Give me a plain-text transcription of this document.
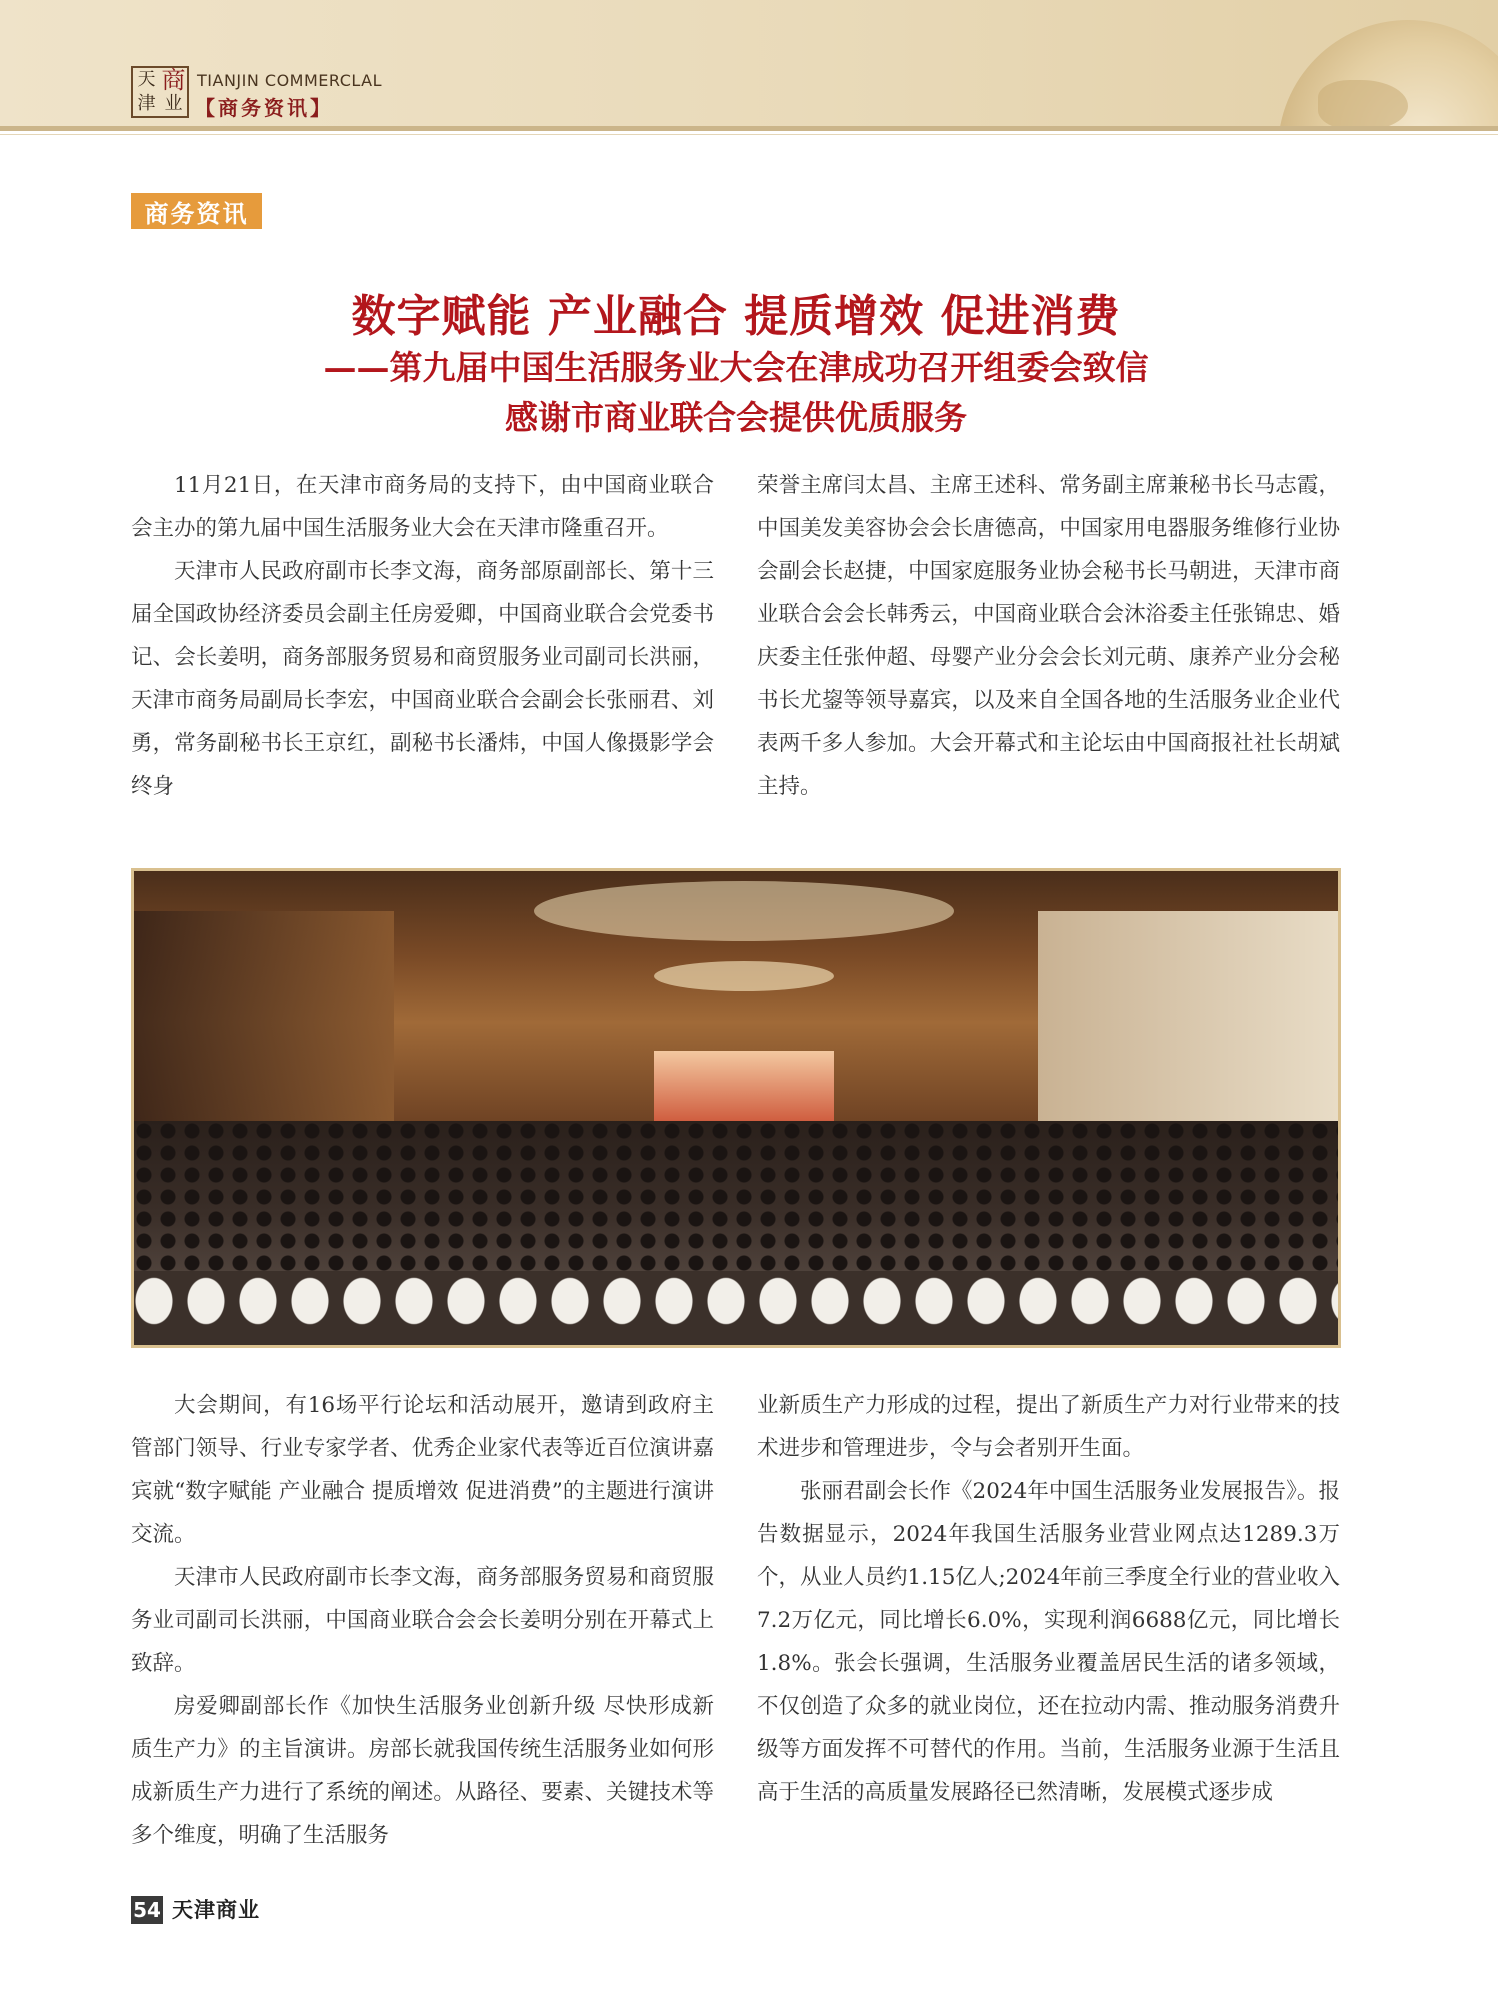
天 商
津 业
TIANJIN COMMERCLAL
【商务资讯】
商务资讯
数字赋能 产业融合 提质增效 促进消费
——第九届中国生活服务业大会在津成功召开组委会致信
感谢市商业联合会提供优质服务

11月21日，在天津市商务局的支持下，由中国商业联合会主办的第九届中国生活服务业大会在天津市隆重召开。

天津市人民政府副市长李文海，商务部原副部长、第十三届全国政协经济委员会副主任房爱卿，中国商业联合会党委书记、会长姜明，商务部服务贸易和商贸服务业司副司长洪丽，天津市商务局副局长李宏，中国商业联合会副会长张丽君、刘勇，常务副秘书长王京红，副秘书长潘炜，中国人像摄影学会终身

荣誉主席闫太昌、主席王述科、常务副主席兼秘书长马志霞，中国美发美容协会会长唐德高，中国家用电器服务维修行业协会副会长赵捷，中国家庭服务业协会秘书长马朝进，天津市商业联合会会长韩秀云，中国商业联合会沐浴委主任张锦忠、婚庆委主任张仲超、母婴产业分会会长刘元萌、康养产业分会秘书长尤鋆等领导嘉宾，以及来自全国各地的生活服务业企业代表两千多人参加。大会开幕式和主论坛由中国商报社社长胡斌主持。

大会期间，有16场平行论坛和活动展开，邀请到政府主管部门领导、行业专家学者、优秀企业家代表等近百位演讲嘉宾就“数字赋能 产业融合 提质增效 促进消费”的主题进行演讲交流。

天津市人民政府副市长李文海，商务部服务贸易和商贸服务业司副司长洪丽，中国商业联合会会长姜明分别在开幕式上致辞。

房爱卿副部长作《加快生活服务业创新升级 尽快形成新质生产力》的主旨演讲。房部长就我国传统生活服务业如何形成新质生产力进行了系统的阐述。从路径、要素、关键技术等多个维度，明确了生活服务

业新质生产力形成的过程，提出了新质生产力对行业带来的技术进步和管理进步，令与会者别开生面。

张丽君副会长作《2024年中国生活服务业发展报告》。报告数据显示，2024年我国生活服务业营业网点达1289.3万个，从业人员约1.15亿人;2024年前三季度全行业的营业收入7.2万亿元，同比增长6.0%，实现利润6688亿元，同比增长1.8%。张会长强调，生活服务业覆盖居民生活的诸多领域，不仅创造了众多的就业岗位，还在拉动内需、推动服务消费升级等方面发挥不可替代的作用。当前，生活服务业源于生活且高于生活的高质量发展路径已然清晰，发展模式逐步成

54 天津商业
